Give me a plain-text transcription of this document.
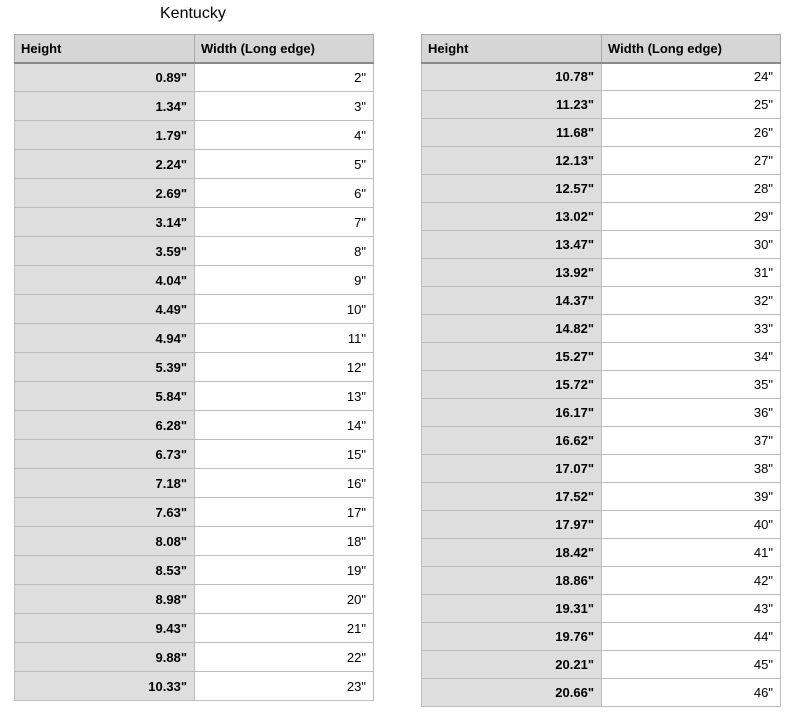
Kentucky
Height	Width (Long edge)
0.89"	2"
1.34"	3"
1.79"	4"
2.24"	5"
2.69"	6"
3.14"	7"
3.59"	8"
4.04"	9"
4.49"	10"
4.94"	11"
5.39"	12"
5.84"	13"
6.28"	14"
6.73"	15"
7.18"	16"
7.63"	17"
8.08"	18"
8.53"	19"
8.98"	20"
9.43"	21"
9.88"	22"
10.33"	23"
Height	Width (Long edge)
10.78"	24"
11.23"	25"
11.68"	26"
12.13"	27"
12.57"	28"
13.02"	29"
13.47"	30"
13.92"	31"
14.37"	32"
14.82"	33"
15.27"	34"
15.72"	35"
16.17"	36"
16.62"	37"
17.07"	38"
17.52"	39"
17.97"	40"
18.42"	41"
18.86"	42"
19.31"	43"
19.76"	44"
20.21"	45"
20.66"	46"
